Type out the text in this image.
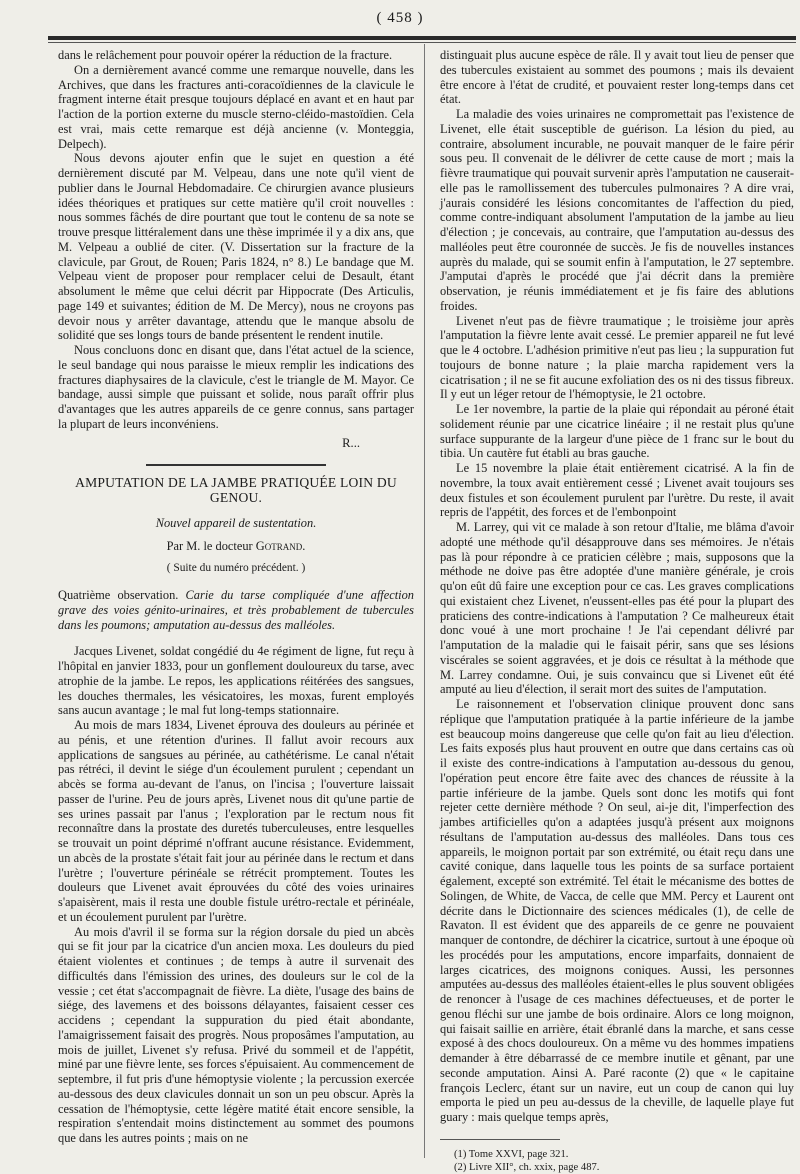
( 458 )

dans le relâchement pour pouvoir opérer la réduction de la fracture.

On a dernièrement avancé comme une remarque nouvelle, dans les Archives, que dans les fractures anti-coracoïdiennes de la clavicule le fragment interne était presque toujours déplacé en avant et en haut par l'action de la portion externe du muscle sterno-cléido-mastoïdien. Cela est vrai, mais cette remarque est déjà ancienne (v. Monteggia, Delpech).

Nous devons ajouter enfin que le sujet en question a été dernièrement discuté par M. Velpeau, dans une note qu'il vient de publier dans le Journal Hebdomadaire. Ce chirurgien avance plusieurs idées théoriques et pratiques sur cette matière qu'il croit nouvelles : nous sommes fâchés de dire pourtant que tout le contenu de sa note se trouve presque littéralement dans une thèse imprimée il y a dix ans, que M. Velpeau a oublié de citer. (V. Dissertation sur la fracture de la clavicule, par Grout, de Rouen; Paris 1824, n° 8.) Le bandage que M. Velpeau vient de proposer pour remplacer celui de Desault, étant absolument le même que celui décrit par Hippocrate (Des Articulis, page 149 et suivantes; édition de M. De Mercy), nous ne croyons pas devoir nous y arrêter davantage, attendu que le manque absolu de solidité que ses longs tours de bande présentent le rendent inutile.

Nous concluons donc en disant que, dans l'état actuel de la science, le seul bandage qui nous paraisse le mieux remplir les indications des fractures diaphysaires de la clavicule, c'est le triangle de M. Mayor. Ce bandage, aussi simple que puissant et solide, nous paraît offrir plus d'avantages que les autres appareils de ce genre connus, sans partager la plupart de leurs inconvéniens.

R...
AMPUTATION DE LA JAMBE PRATIQUÉE LOIN DU GENOU.
Nouvel appareil de sustentation.
Par M. le docteur Gotrand.
( Suite du numéro précédent. )

Quatrième observation. Carie du tarse compliquée d'une affection grave des voies génito-urinaires, et très probablement de tubercules dans les poumons; amputation au-dessus des malléoles.

Jacques Livenet, soldat congédié du 4e régiment de ligne, fut reçu à l'hôpital en janvier 1833, pour un gonflement douloureux du tarse, avec atrophie de la jambe. Le repos, les applications réitérées des sangsues, les douches thermales, les vésicatoires, les moxas, furent employés sans aucun avantage ; le mal fut long-temps stationnaire.

Au mois de mars 1834, Livenet éprouva des douleurs au périnée et au pénis, et une rétention d'urines. Il fallut avoir recours aux applications de sangsues au périnée, au cathétérisme. Le canal n'était pas rétréci, il devint le siége d'un écoulement purulent ; cependant un abcès se forma au-devant de l'anus, on l'incisa ; l'ouverture laissait passer de l'urine. Peu de jours après, Livenet nous dit qu'une partie de ses urines passait par l'anus ; l'exploration par le rectum nous fit reconnaître dans la prostate des duretés tuberculeuses, entre lesquelles se trouvait un point déprimé n'offrant aucune résistance. Evidemment, un abcès de la prostate s'était fait jour au périnée dans le rectum et dans l'urètre ; l'ouverture périnéale se rétrécit promptement. Toutes les douleurs que Livenet avait éprouvées du côté des voies urinaires s'apaisèrent, mais il resta une double fistule urétro-rectale et périnéale, et un écoulement purulent par l'urètre.

Au mois d'avril il se forma sur la région dorsale du pied un abcès qui se fit jour par la cicatrice d'un ancien moxa. Les douleurs du pied étaient violentes et continues ; de temps à autre il survenait des difficultés dans l'émission des urines, des douleurs sur le col de la vessie ; cet état s'accompagnait de fièvre. La diète, l'usage des bains de siége, des lavemens et des boissons délayantes, faisaient cesser ces accidens ; cependant la suppuration du pied était abondante, l'amaigrissement faisait des progrès. Nous proposâmes l'amputation, au mois de juillet, Livenet s'y refusa. Privé du sommeil et de l'appétit, miné par une fièvre lente, ses forces s'épuisaient. Au commencement de septembre, il fut pris d'une hémoptysie violente ; la percussion exercée au-dessous des deux clavicules donnait un son un peu obscur. Après la cessation de l'hémoptysie, cette légère matité était encore sensible, la respiration s'entendait moins distinctement au sommet des poumons que dans les autres points ; mais on ne

distinguait plus aucune espèce de râle. Il y avait tout lieu de penser que des tubercules existaient au sommet des poumons ; mais ils devaient être encore à l'état de crudité, et pouvaient rester long-temps dans cet état.

La maladie des voies urinaires ne compromettait pas l'existence de Livenet, elle était susceptible de guérison. La lésion du pied, au contraire, absolument incurable, ne pouvait manquer de le faire périr sous peu. Il convenait de le délivrer de cette cause de mort ; mais la fièvre traumatique qui pouvait survenir après l'amputation ne causerait-elle pas le ramollissement des tubercules pulmonaires ? A dire vrai, j'aurais considéré les lésions concomitantes de l'affection du pied, comme contre-indiquant absolument l'amputation de la jambe au lieu d'élection ; je concevais, au contraire, que l'amputation au-dessus des malléoles peut être couronnée de succès. Je fis de nouvelles instances auprès du malade, qui se soumit enfin à l'amputation, le 27 septembre. J'amputai d'après le procédé que j'ai décrit dans la première observation, je réunis immédiatement et je fis faire des ablutions froides.

Livenet n'eut pas de fièvre traumatique ; le troisième jour après l'amputation la fièvre lente avait cessé. Le premier appareil ne fut levé que le 4 octobre. L'adhésion primitive n'eut pas lieu ; la suppuration fut toujours de bonne nature ; la plaie marcha rapidement vers la cicatrisation ; il ne se fit aucune exfoliation des os ni des tissus fibreux. Il y eut un léger retour de l'hémoptysie, le 21 octobre.

Le 1er novembre, la partie de la plaie qui répondait au péroné était solidement réunie par une cicatrice linéaire ; il ne restait plus qu'une surface suppurante de la largeur d'une pièce de 1 franc sur le bout du tibia. Un cautère fut établi au bras gauche.

Le 15 novembre la plaie était entièrement cicatrisé. A la fin de novembre, la toux avait entièrement cessé ; Livenet avait toujours ses deux fistules et son écoulement purulent par l'urètre. Du reste, il avait repris de l'appétit, des forces et de l'embonpoint

M. Larrey, qui vit ce malade à son retour d'Italie, me blâma d'avoir adopté une méthode qu'il désapprouve dans ses mémoires. Je n'étais pas là pour répondre à ce praticien célèbre ; mais, supposons que la méthode ne doive pas être adoptée d'une manière générale, je crois qu'on eût dû faire une exception pour ce cas. Les graves complications qui existaient chez Livenet, n'eussent-elles pas été pour la plupart des praticiens des contre-indications à l'amputation ? Ce malheureux était donc voué à une mort prochaine ! Je l'ai cependant délivré par l'amputation de la maladie qui le faisait périr, sans que ses lésions viscérales se soient aggravées, et je dois ce résultat à la méthode que M. Larrey condamne. Oui, je suis convaincu que si Livenet eût été amputé au lieu d'élection, il serait mort des suites de l'amputation.

Le raisonnement et l'observation clinique prouvent donc sans réplique que l'amputation pratiquée à la partie inférieure de la jambe est beaucoup moins dangereuse que celle qu'on fait au lieu d'élection. Les faits exposés plus haut prouvent en outre que dans certains cas où il existe des contre-indications à l'amputation au-dessous du genou, l'opération peut encore être faite avec des chances de réussite à la partie inférieure de la jambe. Quels sont donc les motifs qui font rejeter cette dernière méthode ? On seul, ai-je dit, l'imperfection des jambes artificielles qu'on a adaptées jusqu'à présent aux moignons résultans de l'amputation au-dessus des malléoles. Dans tous ces appareils, le moignon portait par son extrémité, ou était reçu dans une cavité conique, dans laquelle tous les points de sa surface portaient également, excepté son extrémité. Tel était le mécanisme des bottes de Solingen, de White, de Vacca, de celle que MM. Percy et Laurent ont décrite dans le Dictionnaire des sciences médicales (1), de celle de Ravaton. Il est évident que des appareils de ce genre ne pouvaient manquer de contondre, de déchirer la cicatrice, surtout à une époque où les procédés pour les amputations, encore imparfaits, donnaient de larges cicatrices, des moignons coniques. Aussi, les personnes amputées au-dessus des malléoles étaient-elles le plus souvent obligées de renoncer à l'usage de ces machines défectueuses, et de porter le genou fléchi sur une jambe de bois ordinaire. Alors ce long moignon, qui faisait saillie en arrière, était ébranlé dans la marche, et sans cesse exposé à des chocs douloureux. On a même vu des hommes impatiens demander à être débarrassé de ce membre inutile et gênant, par une seconde amputation. Ainsi A. Paré raconte (2) que « le capitaine françois Leclerc, étant sur un navire, eut un coup de canon qui luy emporta le pied un peu au-dessus de la cheville, de laquelle playe fut guary : mais quelque temps après,

(1) Tome XXVI, page 321.
(2) Livre XII°, ch. xxix, page 487.
